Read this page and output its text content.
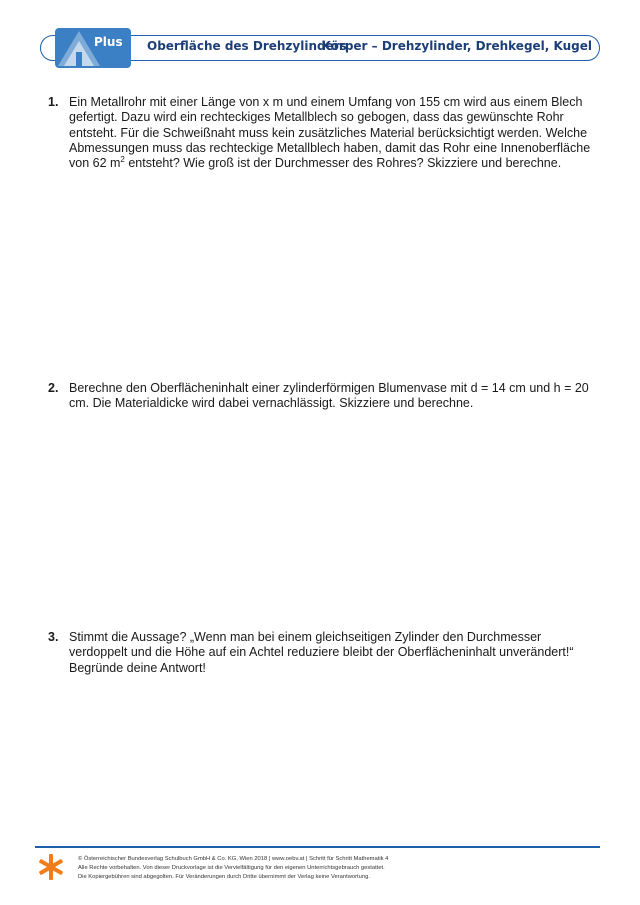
Plus Oberfläche des Drehzylinders
Körper – Drehzylinder, Drehkegel, Kugel
1. Ein Metallrohr mit einer Länge von x m und einem Umfang von 155 cm wird aus einem Blech gefertigt. Dazu wird ein rechteckiges Metallblech so gebogen, dass das gewünschte Rohr entsteht. Für die Schweißnaht muss kein zusätzliches Material berücksichtigt werden. Welche Abmessungen muss das rechteckige Metallblech haben, damit das Rohr eine Innenoberfläche von 62 $m^2$ entsteht? Wie groß ist der Durchmesser des Rohres? Skizziere und berechne.
2. Berechne den Oberflächeninhalt einer zylinderförmigen Blumenvase mit d = 14 cm und h = 20 cm. Die Materialdicke wird dabei vernachlässigt. Skizziere und berechne.
3. Stimmt die Aussage? „Wenn man bei einem gleichseitigen Zylinder den Durchmesser verdoppelt und die Höhe auf ein Achtel reduziere bleibt der Oberflächeninhalt unverändert!“ Begründe deine Antwort!
© Österreichischer Bundesverlag Schulbuch GmbH & Co. KG, Wien 2018 | www.oebv.at | Schritt für Schritt Mathematik 4
Alle Rechte vorbehalten. Von dieser Druckvorlage ist die Vervielfältigung für den eigenen Unterrichtsgebrauch gestattet.
Die Kopiergebühren sind abgegolten. Für Veränderungen durch Dritte übernimmt der Verlag keine Verantwortung.
